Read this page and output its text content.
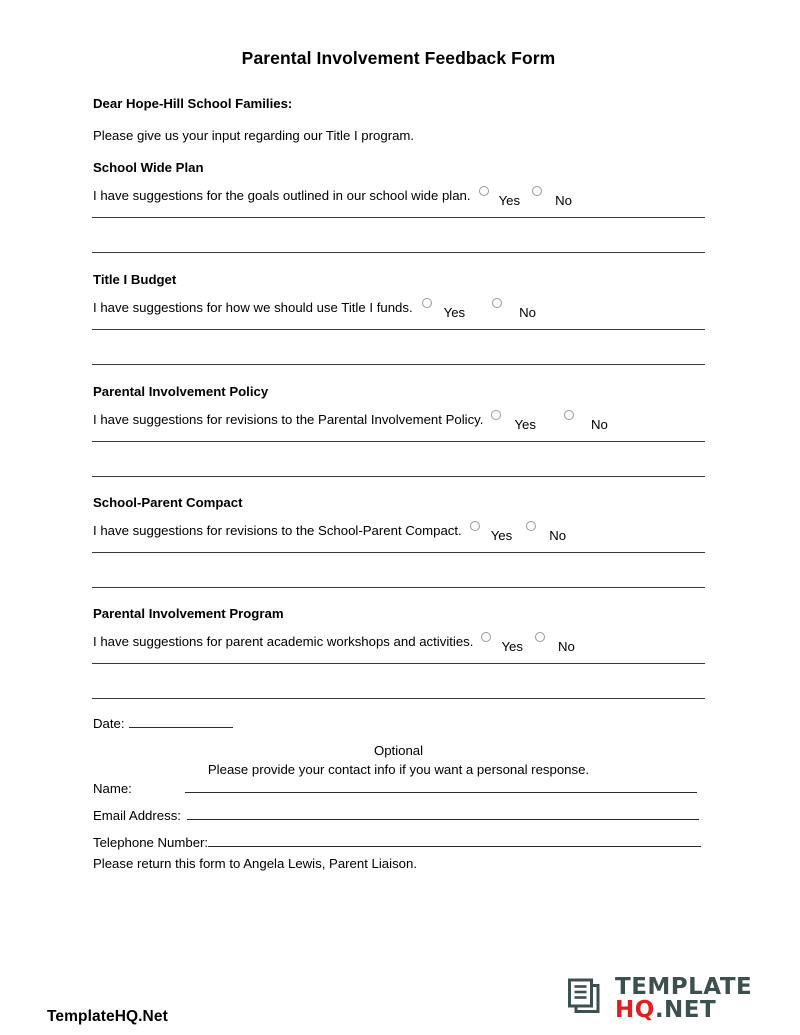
Parental Involvement Feedback Form
Dear Hope-Hill School Families:
Please give us your input regarding our Title I program.
School Wide Plan
I have suggestions for the goals outlined in our school wide plan. Yes	No
Title I Budget
I have suggestions for how we should use Title I funds. Yes	No
Parental Involvement Policy
I have suggestions for revisions to the Parental Involvement Policy. Yes	No
School-Parent Compact
I have suggestions for revisions to the School-Parent Compact. Yes	No
Parental Involvement Program
I have suggestions for parent academic workshops and activities. Yes	No
Date:
Optional
Please provide your contact info if you want a personal response.
Name:
Email Address:
Telephone Number:
Please return this form to Angela Lewis, Parent Liaison.
TemplateHQ.Net
TEMPLATE
HQ .NET
